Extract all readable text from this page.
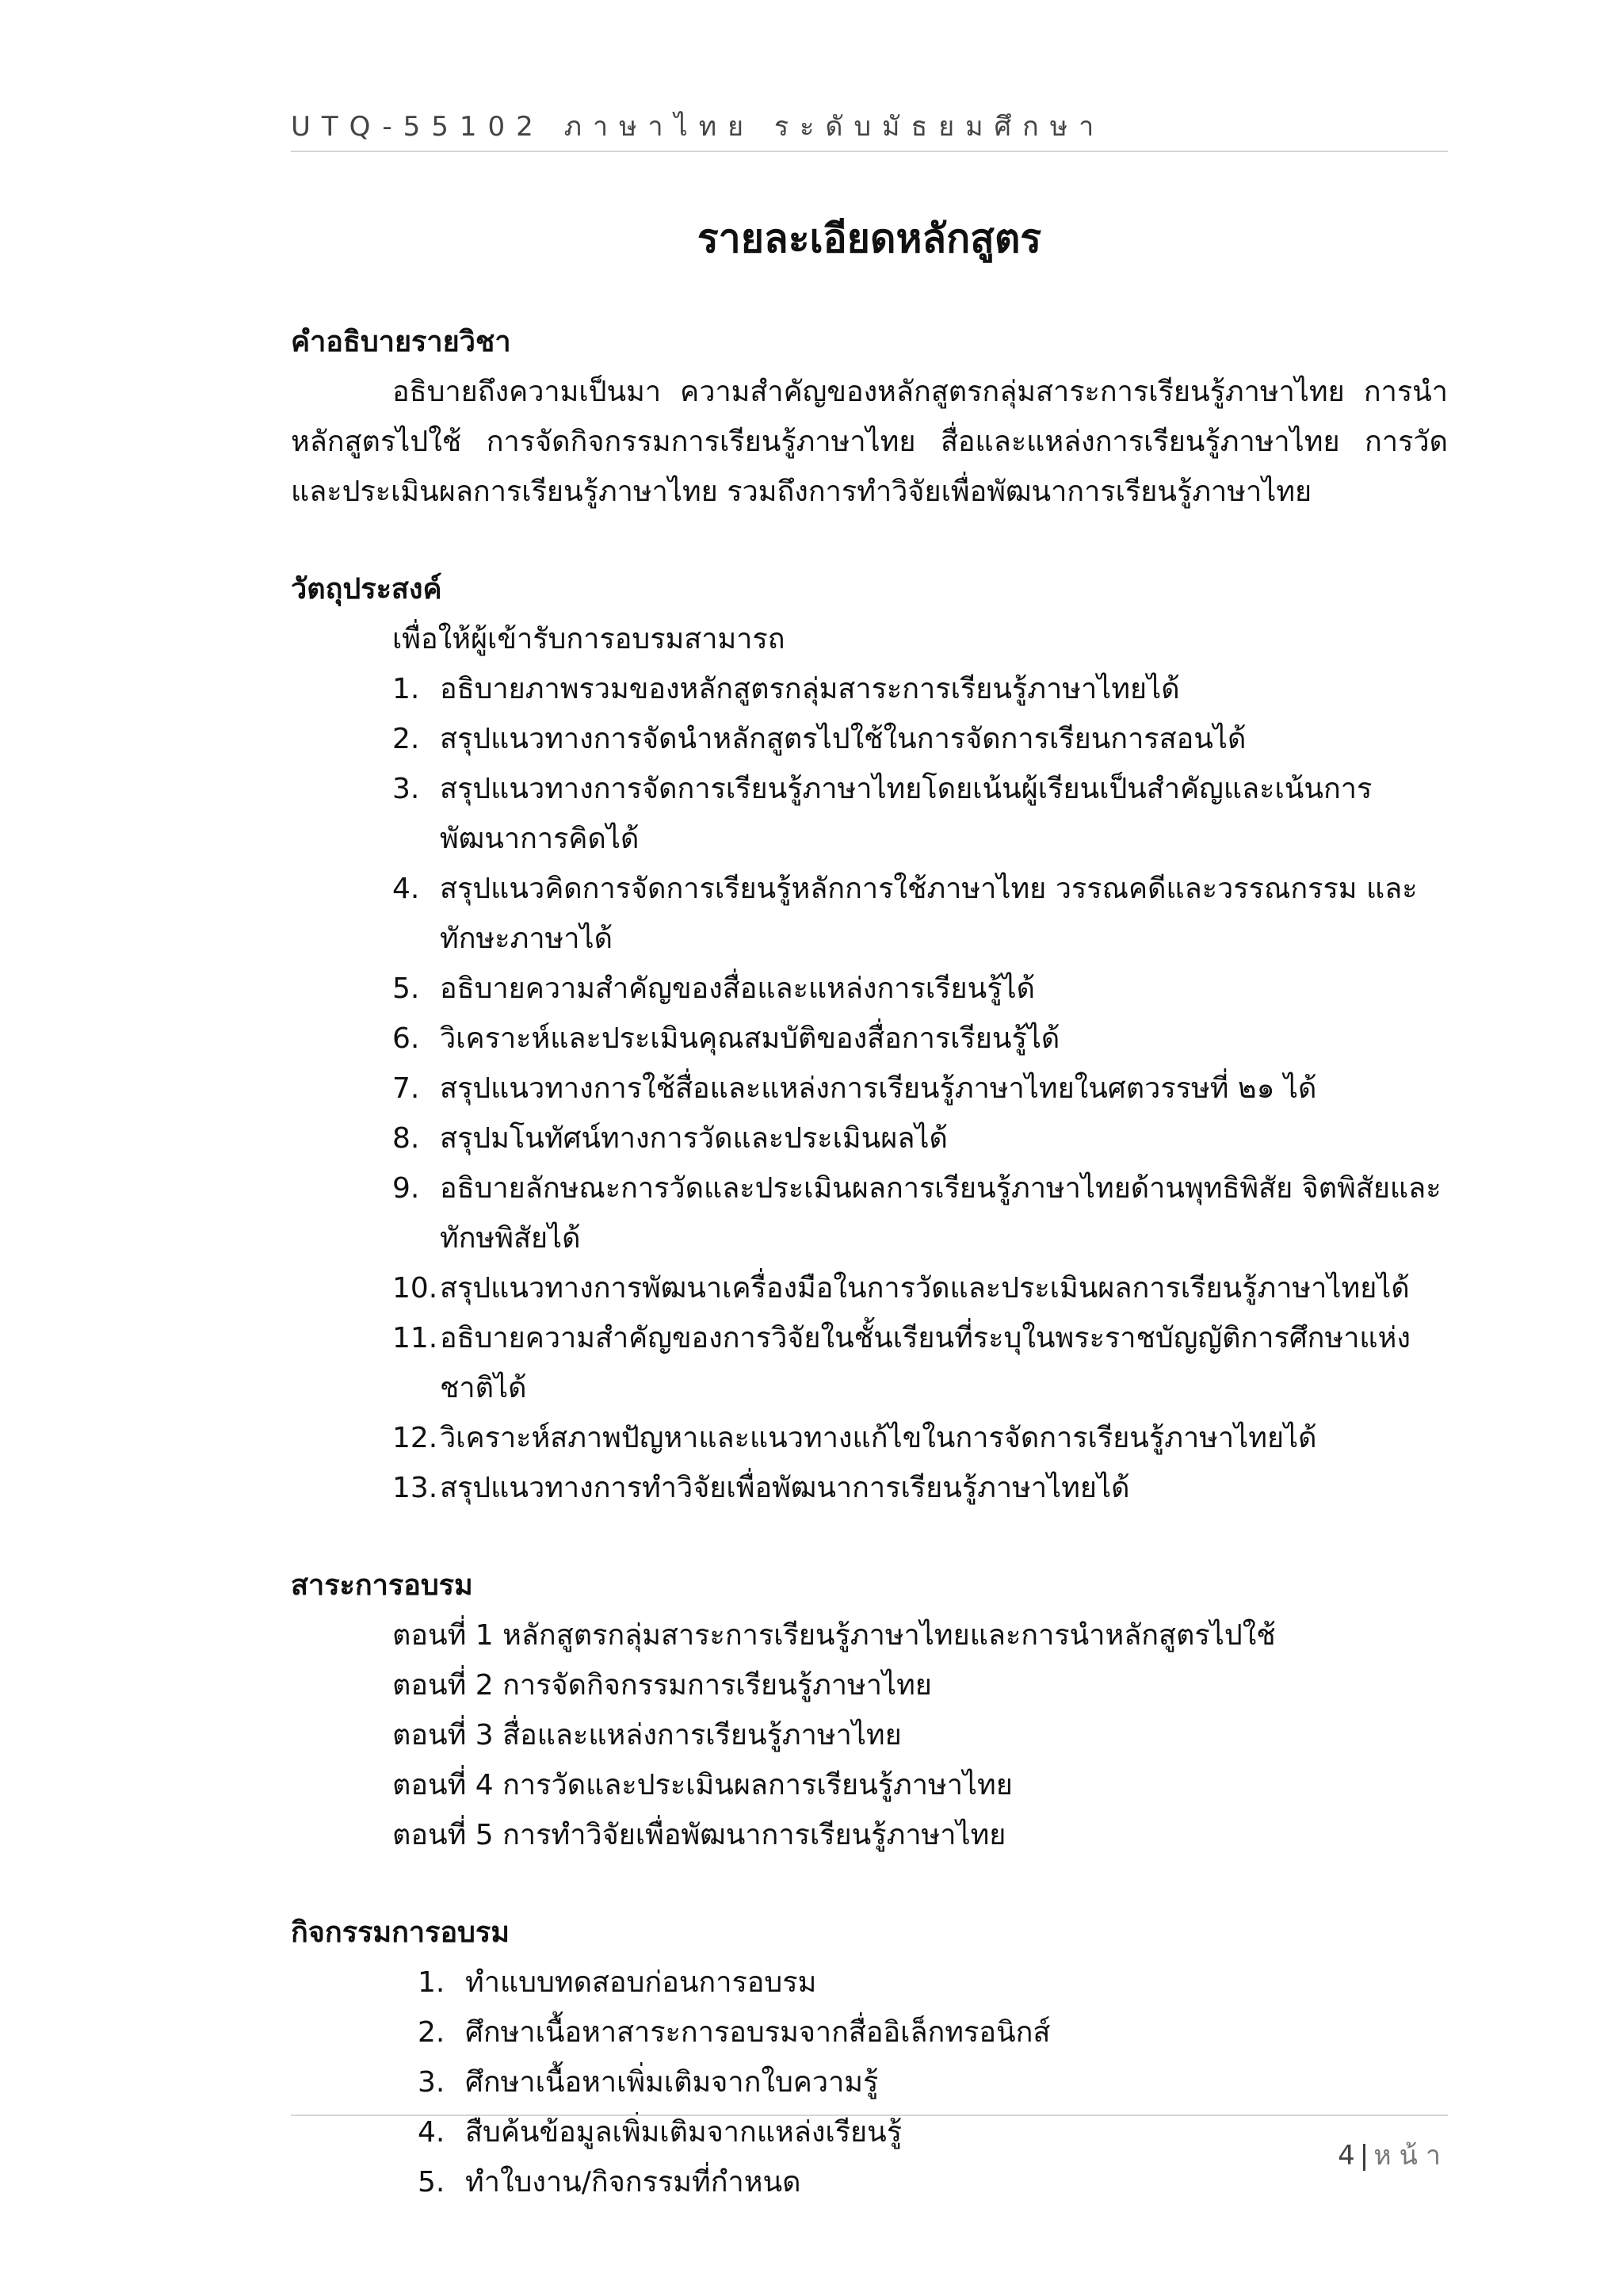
UTQ-55102 ภาษาไทย ระดับมัธยมศึกษา
รายละเอียดหลักสูตร

คำอธิบายรายวิชา

อธิบายถึงความเป็นมา ความสำคัญของหลักสูตรกลุ่มสาระการเรียนรู้ภาษาไทย การนำหลักสูตรไปใช้ การจัดกิจกรรมการเรียนรู้ภาษาไทย สื่อและแหล่งการเรียนรู้ภาษาไทย การวัดและประเมินผลการเรียนรู้ภาษาไทย รวมถึงการทำวิจัยเพื่อพัฒนาการเรียนรู้ภาษาไทย

วัตถุประสงค์

เพื่อให้ผู้เข้ารับการอบรมสามารถ

1. อธิบายภาพรวมของหลักสูตรกลุ่มสาระการเรียนรู้ภาษาไทยได้
2. สรุปแนวทางการจัดนำหลักสูตรไปใช้ในการจัดการเรียนการสอนได้
3. สรุปแนวทางการจัดการเรียนรู้ภาษาไทยโดยเน้นผู้เรียนเป็นสำคัญและเน้นการพัฒนาการคิดได้
4. สรุปแนวคิดการจัดการเรียนรู้หลักการใช้ภาษาไทย วรรณคดีและวรรณกรรม และทักษะภาษาได้
5. อธิบายความสำคัญของสื่อและแหล่งการเรียนรู้ได้
6. วิเคราะห์และประเมินคุณสมบัติของสื่อการเรียนรู้ได้
7. สรุปแนวทางการใช้สื่อและแหล่งการเรียนรู้ภาษาไทยในศตวรรษที่ ๒๑ ได้
8. สรุปมโนทัศน์ทางการวัดและประเมินผลได้
9. อธิบายลักษณะการวัดและประเมินผลการเรียนรู้ภาษาไทยด้านพุทธิพิสัย จิตพิสัยและทักษพิสัยได้
10. สรุปแนวทางการพัฒนาเครื่องมือในการวัดและประเมินผลการเรียนรู้ภาษาไทยได้
11. อธิบายความสำคัญของการวิจัยในชั้นเรียนที่ระบุในพระราชบัญญัติการศึกษาแห่งชาติได้
12. วิเคราะห์สภาพปัญหาและแนวทางแก้ไขในการจัดการเรียนรู้ภาษาไทยได้
13. สรุปแนวทางการทำวิจัยเพื่อพัฒนาการเรียนรู้ภาษาไทยได้

สาระการอบรม

ตอนที่ 1 หลักสูตรกลุ่มสาระการเรียนรู้ภาษาไทยและการนำหลักสูตรไปใช้
ตอนที่ 2 การจัดกิจกรรมการเรียนรู้ภาษาไทย
ตอนที่ 3 สื่อและแหล่งการเรียนรู้ภาษาไทย
ตอนที่ 4 การวัดและประเมินผลการเรียนรู้ภาษาไทย
ตอนที่ 5 การทำวิจัยเพื่อพัฒนาการเรียนรู้ภาษาไทย

กิจกรรมการอบรม

1. ทำแบบทดสอบก่อนการอบรม
2. ศึกษาเนื้อหาสาระการอบรมจากสื่ออิเล็กทรอนิกส์
3. ศึกษาเนื้อหาเพิ่มเติมจากใบความรู้
4. สืบค้นข้อมูลเพิ่มเติมจากแหล่งเรียนรู้
5. ทำใบงาน/กิจกรรมที่กำหนด
4 | หน้า
